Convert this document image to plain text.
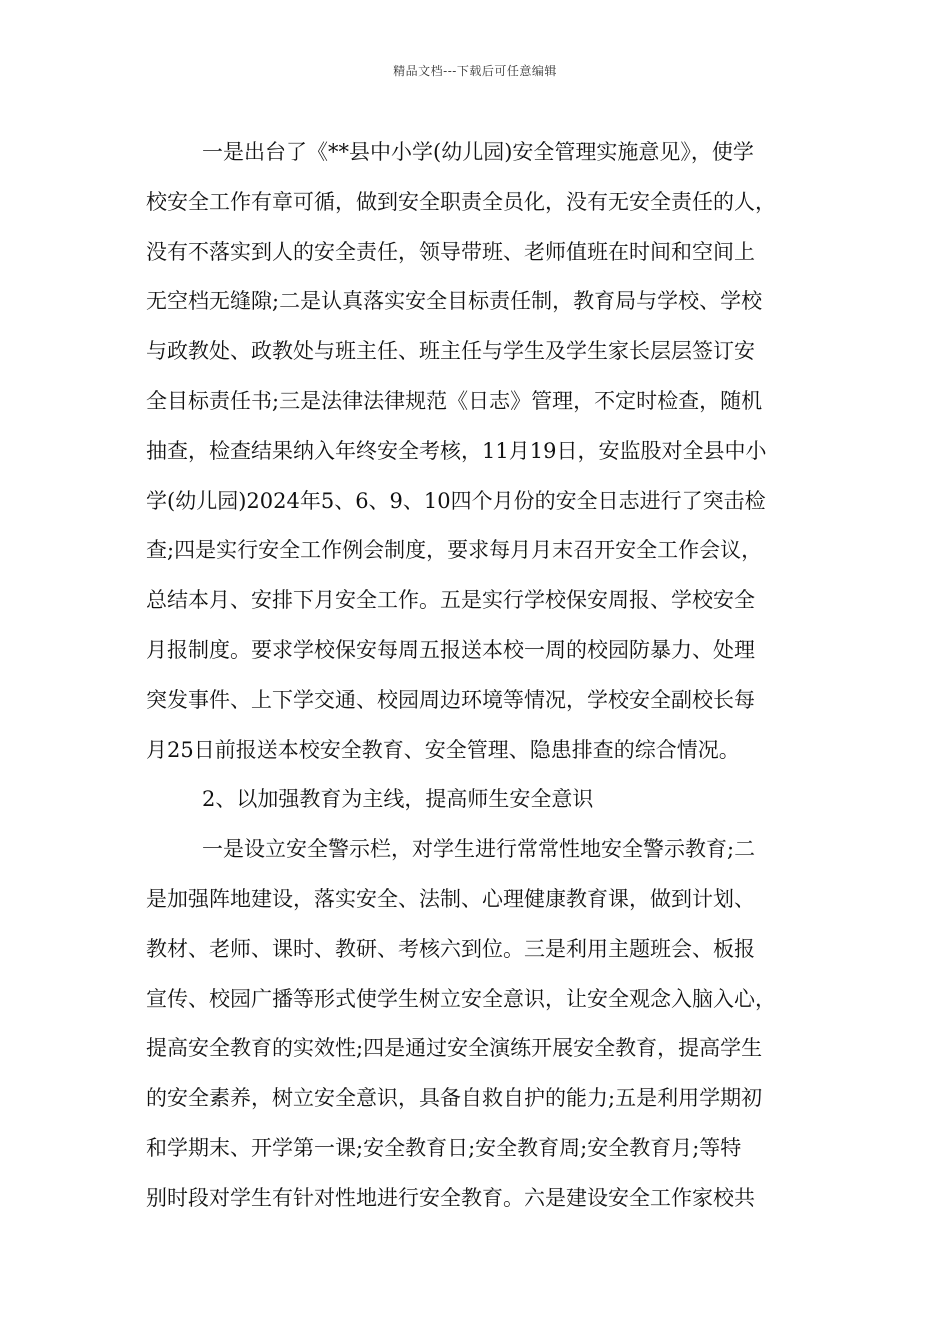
精品文档---下载后可任意编辑
一是出台了《**县中小学(幼儿园)安全管理实施意见》，使学
校安全工作有章可循，做到安全职责全员化，没有无安全责任的人，
没有不落实到人的安全责任，领导带班、老师值班在时间和空间上
无空档无缝隙;二是认真落实安全目标责任制，教育局与学校、学校
与政教处、政教处与班主任、班主任与学生及学生家长层层签订安
全目标责任书;三是法律法律规范《日志》管理，不定时检查，随机
抽查，检查结果纳入年终安全考核，11月19日，安监股对全县中小
学(幼儿园)2024年5、6、9、10四个月份的安全日志进行了突击检
查;四是实行安全工作例会制度，要求每月月末召开安全工作会议，
总结本月、安排下月安全工作。五是实行学校保安周报、学校安全
月报制度。要求学校保安每周五报送本校一周的校园防暴力、处理
突发事件、上下学交通、校园周边环境等情况，学校安全副校长每
月25日前报送本校安全教育、安全管理、隐患排查的综合情况。
2、以加强教育为主线，提高师生安全意识
一是设立安全警示栏，对学生进行常常性地安全警示教育;二
是加强阵地建设，落实安全、法制、心理健康教育课，做到计划、
教材、老师、课时、教研、考核六到位。三是利用主题班会、板报
宣传、校园广播等形式使学生树立安全意识，让安全观念入脑入心，
提高安全教育的实效性;四是通过安全演练开展安全教育，提高学生
的安全素养，树立安全意识，具备自救自护的能力;五是利用学期初
和学期末、开学第一课;安全教育日;安全教育周;安全教育月;等特
别时段对学生有针对性地进行安全教育。六是建设安全工作家校共
